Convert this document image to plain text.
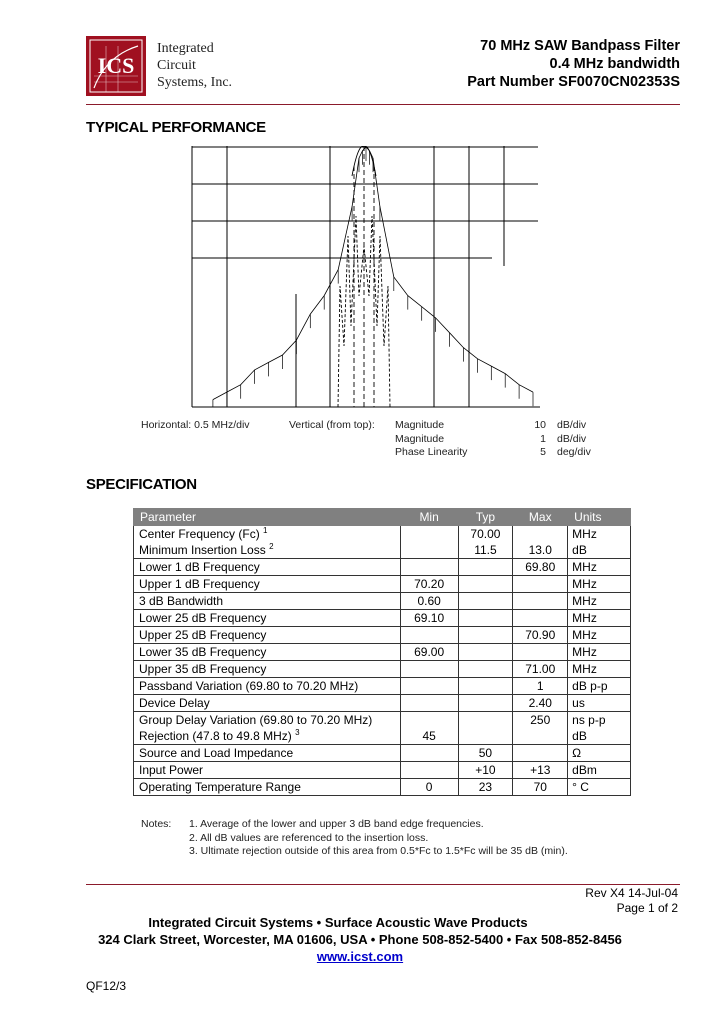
ICS
Integrated
Circuit
Systems, Inc.
70 MHz SAW Bandpass Filter
0.4 MHz bandwidth
Part Number SF0070CN02353S
TYPICAL PERFORMANCE
Horizontal: 0.5 MHz/div	Vertical (from top): Magnitude
Magnitude
Phase Linearity
10
1
5
dB/div
dB/div
deg/div
SPECIFICATION
Parameter	Min	Typ	Max	Units
Center Frequency (Fc) $^1$		70.00		MHz
Minimum Insertion Loss $^2$		11.5	13.0	dB
Lower 1 dB Frequency			69.80	MHz
Upper 1 dB Frequency	70.20			MHz
3 dB Bandwidth	0.60			MHz
Lower 25 dB Frequency	69.10			MHz
Upper 25 dB Frequency			70.90	MHz
Lower 35 dB Frequency	69.00			MHz
Upper 35 dB Frequency			71.00	MHz
Passband Variation (69.80 to 70.20 MHz)			1	dB p-p
Device Delay			2.40	us
Group Delay Variation (69.80 to 70.20 MHz)			250	ns p-p
Rejection (47.8 to 49.8 MHz) $^3$	45			dB
Source and Load Impedance		50		Ω
Input Power		+10	+13	dBm
Operating Temperature Range	0	23	70	° C
Notes: 1. Average of the lower and upper 3 dB band edge frequencies.
2. All dB values are referenced to the insertion loss.
3. Ultimate rejection outside of this area from 0.5*Fc to 1.5*Fc will be 35 dB (min).
Rev X4 14-Jul-04
Page 1 of 2
Integrated Circuit Systems • Surface Acoustic Wave Products
324 Clark Street, Worcester, MA 01606, USA • Phone 508-852-5400 • Fax 508-852-8456
www.icst.com
QF12/3
